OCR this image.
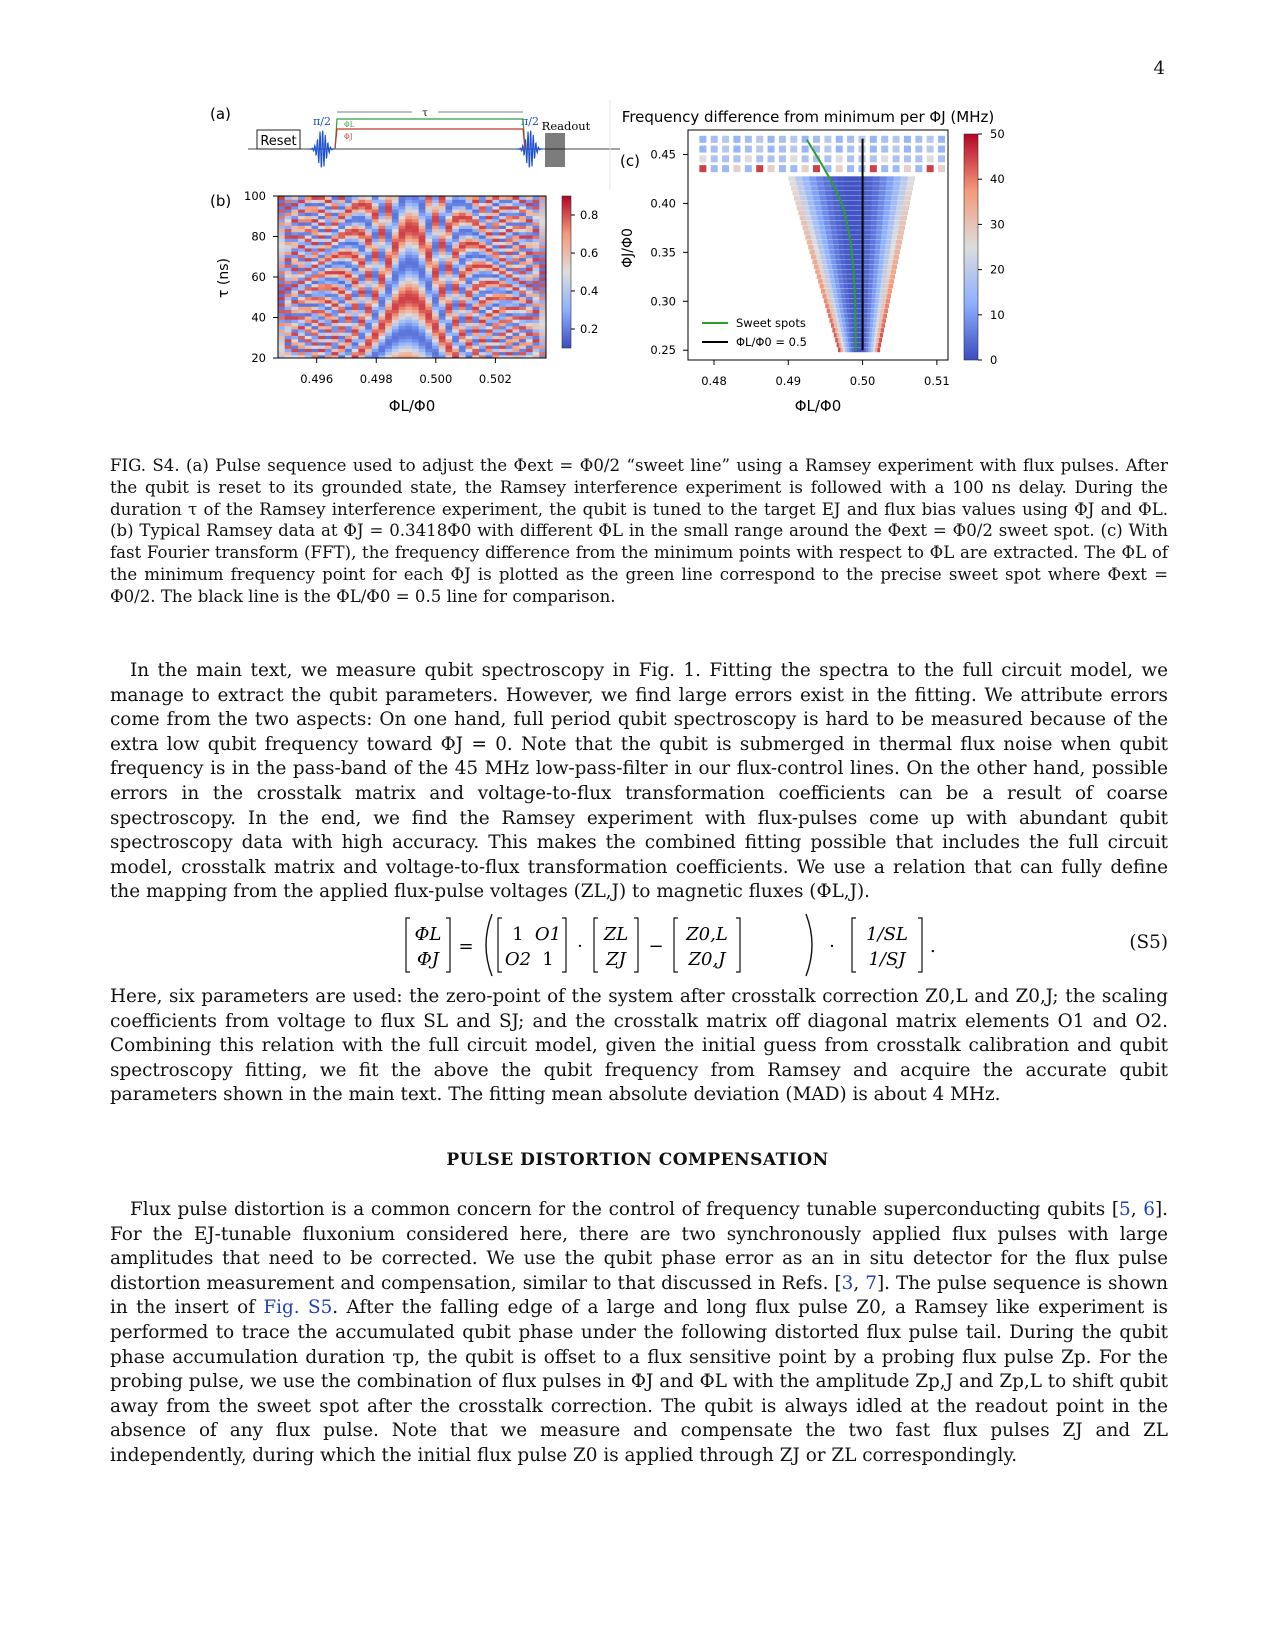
4
(a)
Reset
π/2	π/2
ΦL
ΦJ
τ
Readout
(b)
0.496 0.498 0.500 0.502
20
40
60
80
100
τ (ns)
ΦL/Φ0
0.2
0.4
0.6
0.8
(c)
Frequency difference from minimum per ΦJ (MHz)
0.48	0.49	0.50	0.51
0.25
0.30
0.35
0.40
0.45
ΦJ/Φ0
ΦL/Φ0
Sweet spots
ΦL/Φ0 = 0.5
0
10
20
30
40
50
FIG. S4. (a) Pulse sequence used to adjust the Φext = Φ0/2 “sweet line” using a Ramsey experiment with flux pulses. After the qubit is reset to its grounded state, the Ramsey interference experiment is followed with a 100 ns delay. During the duration τ of the Ramsey interference experiment, the qubit is tuned to the target EJ and flux bias values using ΦJ and ΦL. (b) Typical Ramsey data at ΦJ = 0.3418Φ0 with different ΦL in the small range around the Φext = Φ0/2 sweet spot. (c) With fast Fourier transform (FFT), the frequency difference from the minimum points with respect to ΦL are extracted. The ΦL of the minimum frequency point for each ΦJ is plotted as the green line correspond to the precise sweet spot where Φext = Φ0/2. The black line is the ΦL/Φ0 = 0.5 line for comparison.

In the main text, we measure qubit spectroscopy in Fig. 1. Fitting the spectra to the full circuit model, we manage to extract the qubit parameters. However, we find large errors exist in the fitting. We attribute errors come from the two aspects: On one hand, full period qubit spectroscopy is hard to be measured because of the extra low qubit frequency toward ΦJ = 0. Note that the qubit is submerged in thermal flux noise when qubit frequency is in the pass-band of the 45 MHz low-pass-filter in our flux-control lines. On the other hand, possible errors in the crosstalk matrix and voltage-to-flux transformation coefficients can be a result of coarse spectroscopy. In the end, we find the Ramsey experiment with flux-pulses come up with abundant qubit spectroscopy data with high accuracy. This makes the combined fitting possible that includes the full circuit model, crosstalk matrix and voltage-to-flux transformation coefficients. We use a relation that can fully define the mapping from the applied flux-pulse voltages (ZL,J) to magnetic fluxes (ΦL,J).

ΦL
ΦJ
=
1 O1
O2 1
·
ZL
ZJ
−
Z0,L
Z0,J
·
1/SL
1/SJ
.	(S5)

Here, six parameters are used: the zero-point of the system after crosstalk correction Z0,L and Z0,J; the scaling coefficients from voltage to flux SL and SJ; and the crosstalk matrix off diagonal matrix elements O1 and O2. Combining this relation with the full circuit model, given the initial guess from crosstalk calibration and qubit spectroscopy fitting, we fit the above the qubit frequency from Ramsey and acquire the accurate qubit parameters shown in the main text. The fitting mean absolute deviation (MAD) is about 4 MHz.

PULSE DISTORTION COMPENSATION

Flux pulse distortion is a common concern for the control of frequency tunable superconducting qubits [5, 6]. For the EJ-tunable fluxonium considered here, there are two synchronously applied flux pulses with large amplitudes that need to be corrected. We use the qubit phase error as an in situ detector for the flux pulse distortion measurement and compensation, similar to that discussed in Refs. [3, 7]. The pulse sequence is shown in the insert of Fig. S5. After the falling edge of a large and long flux pulse Z0, a Ramsey like experiment is performed to trace the accumulated qubit phase under the following distorted flux pulse tail. During the qubit phase accumulation duration τp, the qubit is offset to a flux sensitive point by a probing flux pulse Zp. For the probing pulse, we use the combination of flux pulses in ΦJ and ΦL with the amplitude Zp,J and Zp,L to shift qubit away from the sweet spot after the crosstalk correction. The qubit is always idled at the readout point in the absence of any flux pulse. Note that we measure and compensate the two fast flux pulses ZJ and ZL independently, during which the initial flux pulse Z0 is applied through ZJ or ZL correspondingly.
